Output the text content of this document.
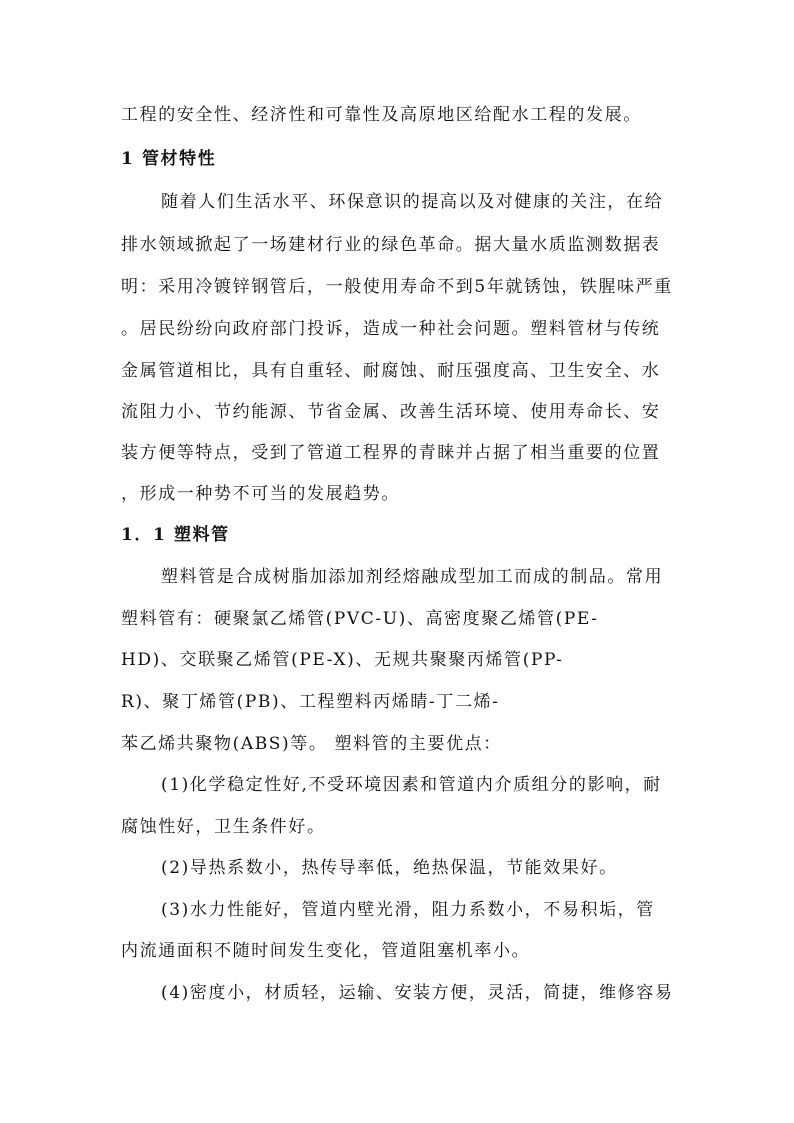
工程的安全性、经济性和可靠性及高原地区给配水工程的发展。
1 管材特性
随着人们生活水平、环保意识的提高以及对健康的关注，在给
排水领域掀起了一场建材行业的绿色革命。据大量水质监测数据表
明：采用冷镀锌钢管后，一般使用寿命不到5年就锈蚀，铁腥味严重
。居民纷纷向政府部门投诉，造成一种社会问题。塑料管材与传统
金属管道相比，具有自重轻、耐腐蚀、耐压强度高、卫生安全、水
流阻力小、节约能源、节省金属、改善生活环境、使用寿命长、安
装方便等特点，受到了管道工程界的青睐并占据了相当重要的位置
，形成一种势不可当的发展趋势。
1．1 塑料管
塑料管是合成树脂加添加剂经熔融成型加工而成的制品。常用
塑料管有：硬聚氯乙烯管(PVC-U)、高密度聚乙烯管(PE-
HD)、交联聚乙烯管(PE-X)、无规共聚聚丙烯管(PP-
R)、聚丁烯管(PB)、工程塑料丙烯睛-丁二烯-
苯乙烯共聚物(ABS)等。 塑料管的主要优点：
(1)化学稳定性好,不受环境因素和管道内介质组分的影响，耐
腐蚀性好，卫生条件好。
(2)导热系数小，热传导率低，绝热保温，节能效果好。
(3)水力性能好，管道内壁光滑，阻力系数小，不易积垢，管
内流通面积不随时间发生变化，管道阻塞机率小。
(4)密度小，材质轻，运输、安装方便，灵活，简捷，维修容易
